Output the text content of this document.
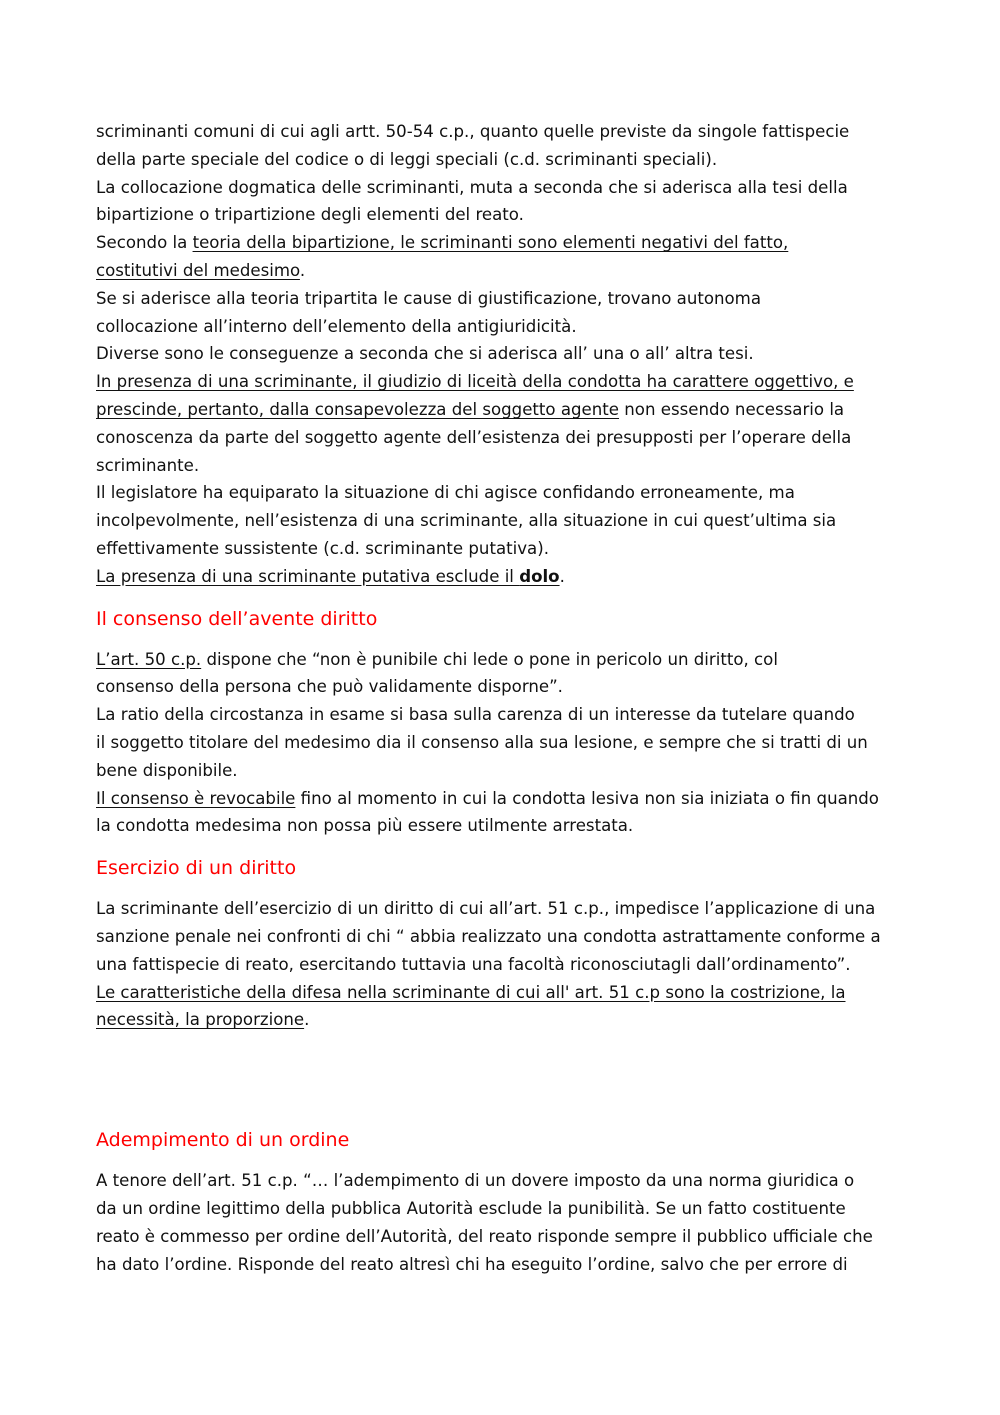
scriminanti comuni di cui agli artt. 50-54 c.p., quanto quelle previste da singole fattispecie
della parte speciale del codice o di leggi speciali (c.d. scriminanti speciali).
La collocazione dogmatica delle scriminanti, muta a seconda che si aderisca alla tesi della
bipartizione o tripartizione degli elementi del reato.
Secondo la teoria della bipartizione, le scriminanti sono elementi negativi del fatto,
costitutivi del medesimo.
Se si aderisce alla teoria tripartita le cause di giustificazione, trovano autonoma
collocazione all’interno dell’elemento della antigiuridicità.
Diverse sono le conseguenze a seconda che si aderisca all’ una o all’ altra tesi.
In presenza di una scriminante, il giudizio di liceità della condotta ha carattere oggettivo, e
prescinde, pertanto, dalla consapevolezza del soggetto agente non essendo necessario la
conoscenza da parte del soggetto agente dell’esistenza dei presupposti per l’operare della
scriminante.
Il legislatore ha equiparato la situazione di chi agisce confidando erroneamente, ma
incolpevolmente, nell’esistenza di una scriminante, alla situazione in cui quest’ultima sia
effettivamente sussistente (c.d. scriminante putativa).
La presenza di una scriminante putativa esclude il dolo.
Il consenso dell’avente diritto
L’art. 50 c.p. dispone che “non è punibile chi lede o pone in pericolo un diritto, col
consenso della persona che può validamente disporne”.
La ratio della circostanza in esame si basa sulla carenza di un interesse da tutelare quando
il soggetto titolare del medesimo dia il consenso alla sua lesione, e sempre che si tratti di un
bene disponibile.
Il consenso è revocabile fino al momento in cui la condotta lesiva non sia iniziata o fin quando
la condotta medesima non possa più essere utilmente arrestata.
Esercizio di un diritto
La scriminante dell’esercizio di un diritto di cui all’art. 51 c.p., impedisce l’applicazione di una
sanzione penale nei confronti di chi “ abbia realizzato una condotta astrattamente conforme a
una fattispecie di reato, esercitando tuttavia una facoltà riconosciutagli dall’ordinamento”.
Le caratteristiche della difesa nella scriminante di cui all' art. 51 c.p sono la costrizione, la
necessità, la proporzione.
Adempimento di un ordine
A tenore dell’art. 51 c.p. “… l’adempimento di un dovere imposto da una norma giuridica o
da un ordine legittimo della pubblica Autorità esclude la punibilità. Se un fatto costituente
reato è commesso per ordine dell’Autorità, del reato risponde sempre il pubblico ufficiale che
ha dato l’ordine. Risponde del reato altresì chi ha eseguito l’ordine, salvo che per errore di
